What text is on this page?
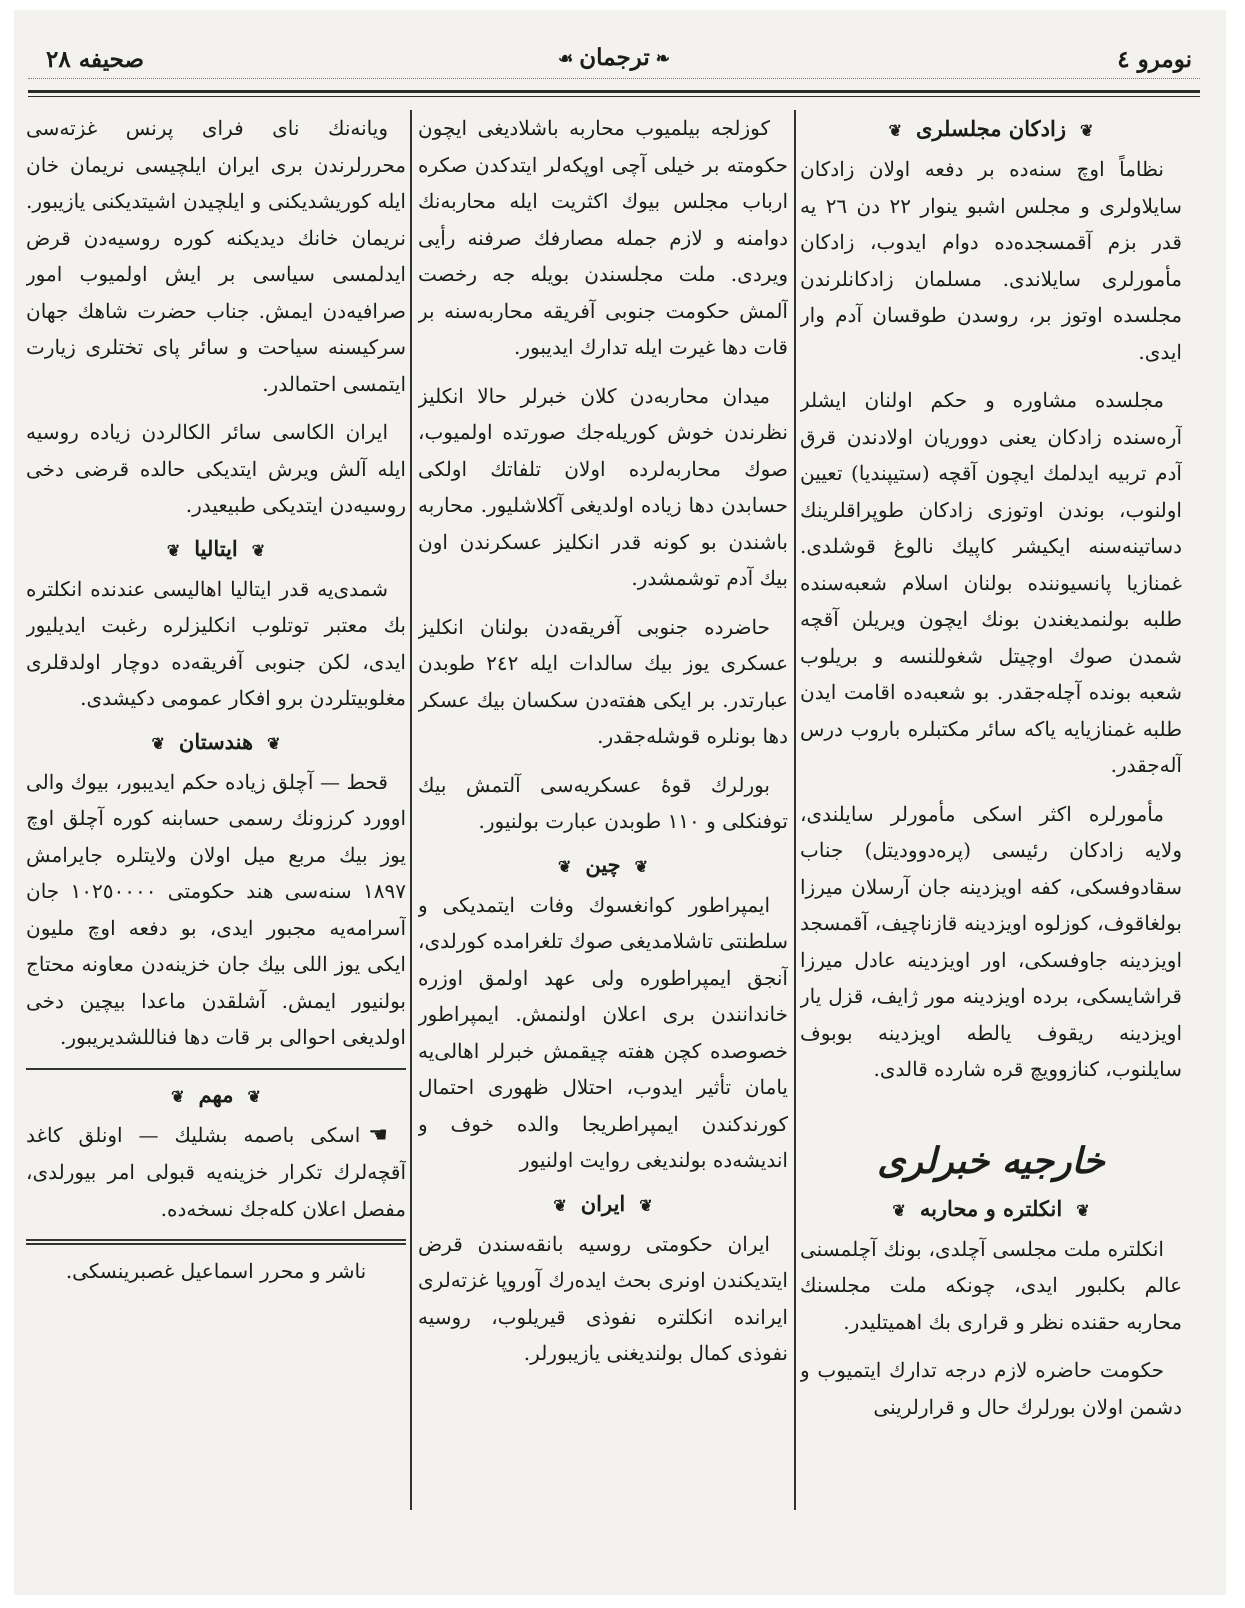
نومرو ٤
❧ترجمان☙
صحيفه ٢٨
❦زادكان مجلسلری❦

نظاماً اوچ سنه‌ده بر دفعه اولان زادكان سايلاولری و مجلس اشبو ينوار ٢٢ دن ٢٦ يه قدر بزم آقمسجده‌ده دوام ايدوب، زادكان مأمورلری سايلاندی. مسلمان زادكانلرندن مجلسده اوتوز بر، روسدن طوقسان آدم وار ايدی.

مجلسده مشاوره و حكم اولنان ايشلر آره‌سنده زادكان يعنی دوورياﻥ اولادندن قرق آدم تربيه ايدلمك ايچون آقچه (ستيپنديا) تعيين اولنوب، بوندن اوتوزی زادكان طوپراقلرينك دساتينه‌سنه ايكيشر كاپيك نالوغ قوشلدی. غمنازيا پانسيوننده بولنان اسلام شعبه‌سنده طلبه بولنمديغندن بونك ايچون ويريلن آقچه شمدن صوك اوچيتل شغوللنسه و بريلوب شعبه بونده آچله‌جقدر. بو شعبه‌ده اقامت ايدن طلبه غمنازيايه ياكه سائر مكتبلره باروب درس آله‌جقدر.

مأمورلره اكثر اسكی مأمورلر سايلندی، ولايه زادكان رئيسی (پرەدوودیتل) جناب سقادوفسكی، كفه اويزدينه جان آرسلان ميرزا بولغاقوف، كوزلوه اويزدينه قازناچيف، آقمسجد اويزدينه جاوفسكی، اور اويزدينه عادل ميرزا قراشايسكی، برده اويزدينه مور ژايف، قزل يار اويزدينه ريقوف يالطه اويزدينه بوبوف سايلنوب، كنازوويچ قره شارده قالدی.

خارجيه خبرلری
❦انكلتره و محاربه❦

انكلتره ملت مجلسی آچلدی، بونك آچلمسنی عالم بكلبور ايدی، چونكه ملت مجلسنك محاربه حقنده نظر و قراری بك اهميتليدر.

حكومت حاضره لازم درجه تدارك ايتميوب و دشمن اولان بورلرك حال و قرارلرينی

كوزلجه بيلميوب محاربه باشلاديغی ايچون حكومته بر خيلی آچی اوپكه‌لر ايتدكدن صكره ارباب مجلس بيوك اكثريت ايله محاربه‌نك دوامنه و لازم جمله مصارفك صرفنه رأيی ويردی. ملت مجلسندن بويله جه رخصت آلمش حكومت جنوبی آفريقه محاربه‌سنه بر قات دها غيرت ايله تدارك ايديبور.

ميدان محاربه‌دن كلان خبرلر حالا انكليز نظرندن خوش كوريله‌جك صورتده اولميوب، صوك محاربه‌لرده اولان تلفاتك اولكی حسابدن دها زياده اولديغی آكلاشليور. محاربه باشندن بو كونه قدر انكليز عسكرندن اون بيك آدم توشمشدر.

حاضرده جنوبی آفريقه‌دن بولنان انكليز عسكری يوز بيك سالدات ايله ٢٤٢ طوبدن عبارتدر. بر ايكی هفته‌دن سكسان بيك عسكر دها بونلره قوشله‌جقدر.

بورلرك قوهٔ عسكريه‌سی آلتمش بيك توفنكلی و ١١٠ طوبدن عبارت بولنيور.

❦چين❦

ايمپراطور كوانغسوك وفات ايتمديكی و سلطنتی تاشلامديغی صوك تلغرامده كورلدی، آنجق ايمپراطوره ولی عهد اولمق اوزره خاندانندن بری اعلان اولنمش. ايمپراطور خصوصده كچن هفته چيقمش خبرلر اهالی‌يه يامان تأثير ايدوب، احتلال ظهوری احتمال كورندكندن ايمپراطريجا والده خوف و انديشه‌ده بولنديغی روايت اولنيور

❦ايران❦

ايران حكومتی روسيه بانقه‌سندن قرض ايتديكندن اونری بحث ايدەرك آوروپا غزته‌لری ايرانده انكلتره نفوذی قيريلوب، روسيه نفوذی كمال بولندیغنی يازيبورلر.

ويانه‌نك نای فرای پرنس غزته‌سی محررلرندن بری ايران ايلچيسی نريمان خان ايله كوريشديكنی و ايلچيدن اشيتديكنی يازيبور. نريمان خانك ديديكنه كوره روسيه‌دن قرض ايدلمسی سياسی بر ايش اولميوب امور صرافيه‌دن ايمش. جناب حضرت شاهك جهان سركيسنه سياحت و سائر پای تختلری زيارت ايتمسی احتمالدر.

ايران الكاسی سائر الكالردن زياده روسيه ايله آلش ويرش ايتديكی حالده قرضی دخی روسيه‌دن ايتديكی طبيعيدر.

❦ايتاليا❦

شمدی‌يه قدر ايتاليا اهاليسی عندنده انكلتره بك معتبر توتلوب انكليزلره رغبت ايديليور ايدی، لكن جنوبی آفريقه‌ده دوچار اولدقلری مغلوبيتلردن برو افكار عمومی دكيشدی.

❦هندستان❦

قحط — آچلق زياده حكم ايديبور، بيوك والی اوورد كرزونك رسمی حسابنه كوره آچلق اوچ يوز بيك مربع ميل اولان ولايتلره جايرامش ١٨٩٧ سنه‌سی هند حكومتی ١٠٢٥٠٠٠٠ جان آسرامه‌يه مجبور ايدی، بو دفعه اوچ مليون ايكی يوز اللی بيك جان خزينه‌دن معاونه محتاج بولنيور ايمش. آشلقدن ماعدا بيچين دخی اولديغی احوالی بر قات دها فناللشديريبور.

❦مهم❦

☚اسكی باصمه بشليك — اونلق كاغد آقچه‌لرك تكرار خزينه‌يه قبولی امر بيورلدی، مفصل اعلان كله‌جك نسخه‌ده.

ناشر و محرر اسماعيل غصبرينسكی.
